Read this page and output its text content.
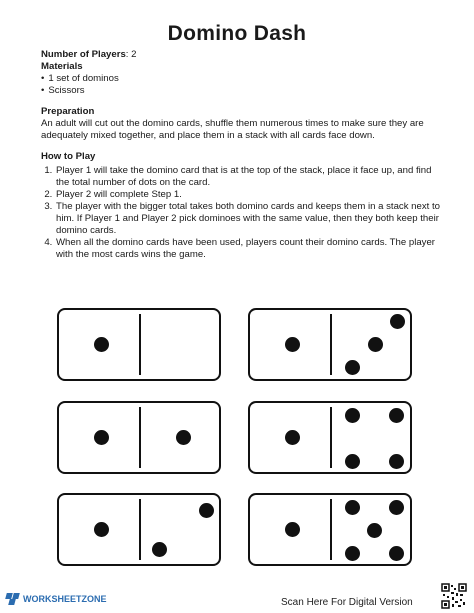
Domino Dash

Number of Players: 2

Materials

• 1 set of dominos
• Scissors

Preparation

An adult will cut out the domino cards, shuffle them numerous times to make sure they are adequately mixed together, and place them in a stack with all cards face down.

How to Play

1. Player 1 will take the domino card that is at the top of the stack, place it face up, and find the total number of dots on the card.
2. Player 2 will complete Step 1.
3. The player with the bigger total takes both domino cards and keeps them in a stack next to him. If Player 1 and Player 2 pick dominoes with the same value, then they both keep their domino cards.
4. When all the domino cards have been used, players count their domino cards. The player with the most cards wins the game.
WORKSHEETZONE	Scan Here For Digital Version
